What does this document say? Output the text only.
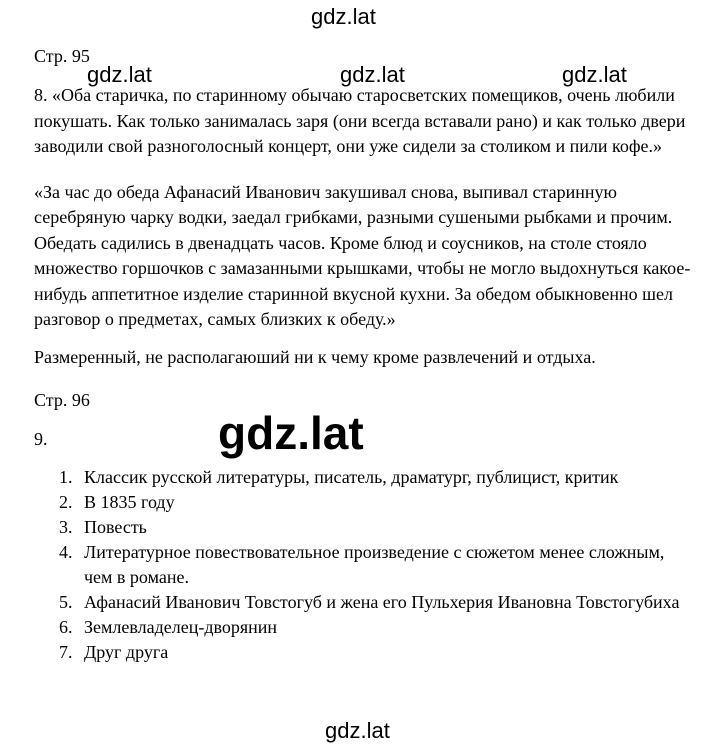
Стр. 95

8. «Оба старичка, по старинному обычаю старосветских помещиков, очень любили покушать. Как только занималась заря (они всегда вставали рано) и как только двери заводили свой разноголосный концерт, они уже сидели за столиком и пили кофе.»

«За час до обеда Афанасий Иванович закушивал снова, выпивал старинную серебряную чарку водки, заедал грибками, разными сушеными рыбками и прочим. Обедать садились в двенадцать часов. Кроме блюд и соусников, на столе стояло множество горшочков с замазанными крышками, чтобы не могло выдохнуться какое-нибудь аппетитное изделие старинной вкусной кухни. За обедом обыкновенно шел разговор о предметах, самых близких к обеду.»

Размеренный, не располагаюший ни к чему кроме развлечений и отдыха.

Стр. 96

9.

1. Классик русской литературы, писатель, драматург, публицист, критик
2. В 1835 году
3. Повесть
4. Литературное повествовательное произведение с сюжетом менее сложным, чем в романе.
5. Афанасий Иванович Товстогуб и жена его Пульхерия Ивановна Товстогубиха
6. Землевладелец-дворянин
7. Друг друга
gdz.lat
gdz.lat	gdz.lat	gdz.lat
gdz.lat
gdz.lat
